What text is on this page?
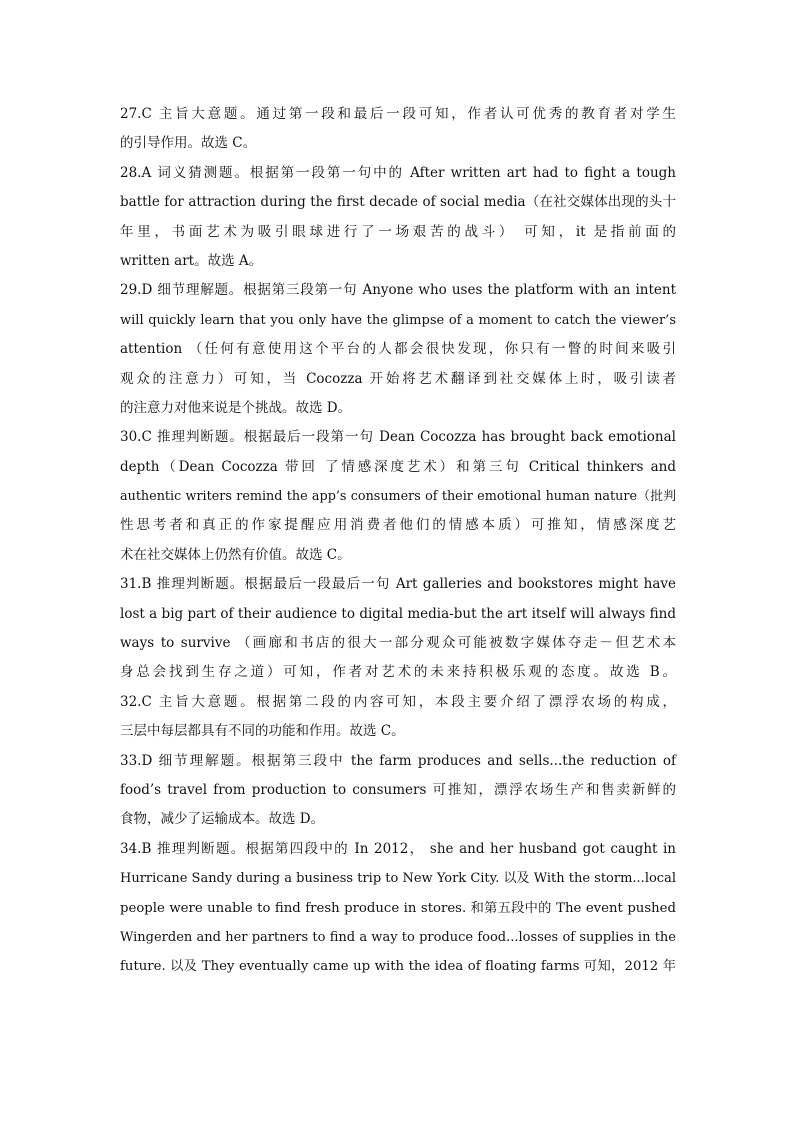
27.C 主旨大意题。通过第一段和最后一段可知，作者认可优秀的教育者对学生
的引导作用。故选 C。
28.A 词义猜测题。根据第一段第一句中的 After written art had to fight a tough
battle for attraction during the first decade of social media（在社交媒体出现的头十
年里，书面艺术为吸引眼球进行了一场艰苦的战斗） 可知，it 是指前面的
written art。故选 A。
29.D 细节理解题。根据第三段第一句 Anyone who uses the platform with an intent
will quickly learn that you only have the glimpse of a moment to catch the viewer’s
attention （任何有意使用这个平台的人都会很快发现，你只有一瞥的时间来吸引
观众的注意力）可知，当 Cocozza 开始将艺术翻译到社交媒体上时，吸引读者
的注意力对他来说是个挑战。故选 D。
30.C 推理判断题。根据最后一段第一句 Dean Cocozza has brought back emotional
depth（Dean Cocozza 带回 了情感深度艺术）和第三句 Critical thinkers and
authentic writers remind the app’s consumers of their emotional human nature（批判
性思考者和真正的作家提醒应用消费者他们的情感本质）可推知，情感深度艺
术在社交媒体上仍然有价值。故选 C。
31.B 推理判断题。根据最后一段最后一句 Art galleries and bookstores might have
lost a big part of their audience to digital media-but the art itself will always find
ways to survive （画廊和书店的很大一部分观众可能被数字媒体夺走－但艺术本
身总会找到生存之道）可知，作者对艺术的未来持积极乐观的态度。故选 B。
32.C 主旨大意题。根据第二段的内容可知，本段主要介绍了漂浮农场的构成，
三层中每层都具有不同的功能和作用。故选 C。
33.D 细节理解题。根据第三段中 the farm produces and sells...the reduction of
food’s travel from production to consumers 可推知，漂浮农场生产和售卖新鲜的
食物，减少了运输成本。故选 D。
34.B 推理判断题。根据第四段中的 In 2012， she and her husband got caught in
Hurricane Sandy during a business trip to New York City. 以及 With the storm...local
people were unable to find fresh produce in stores. 和第五段中的 The event pushed
Wingerden and her partners to find a way to produce food...losses of supplies in the
future. 以及 They eventually came up with the idea of floating farms 可知，2012 年
